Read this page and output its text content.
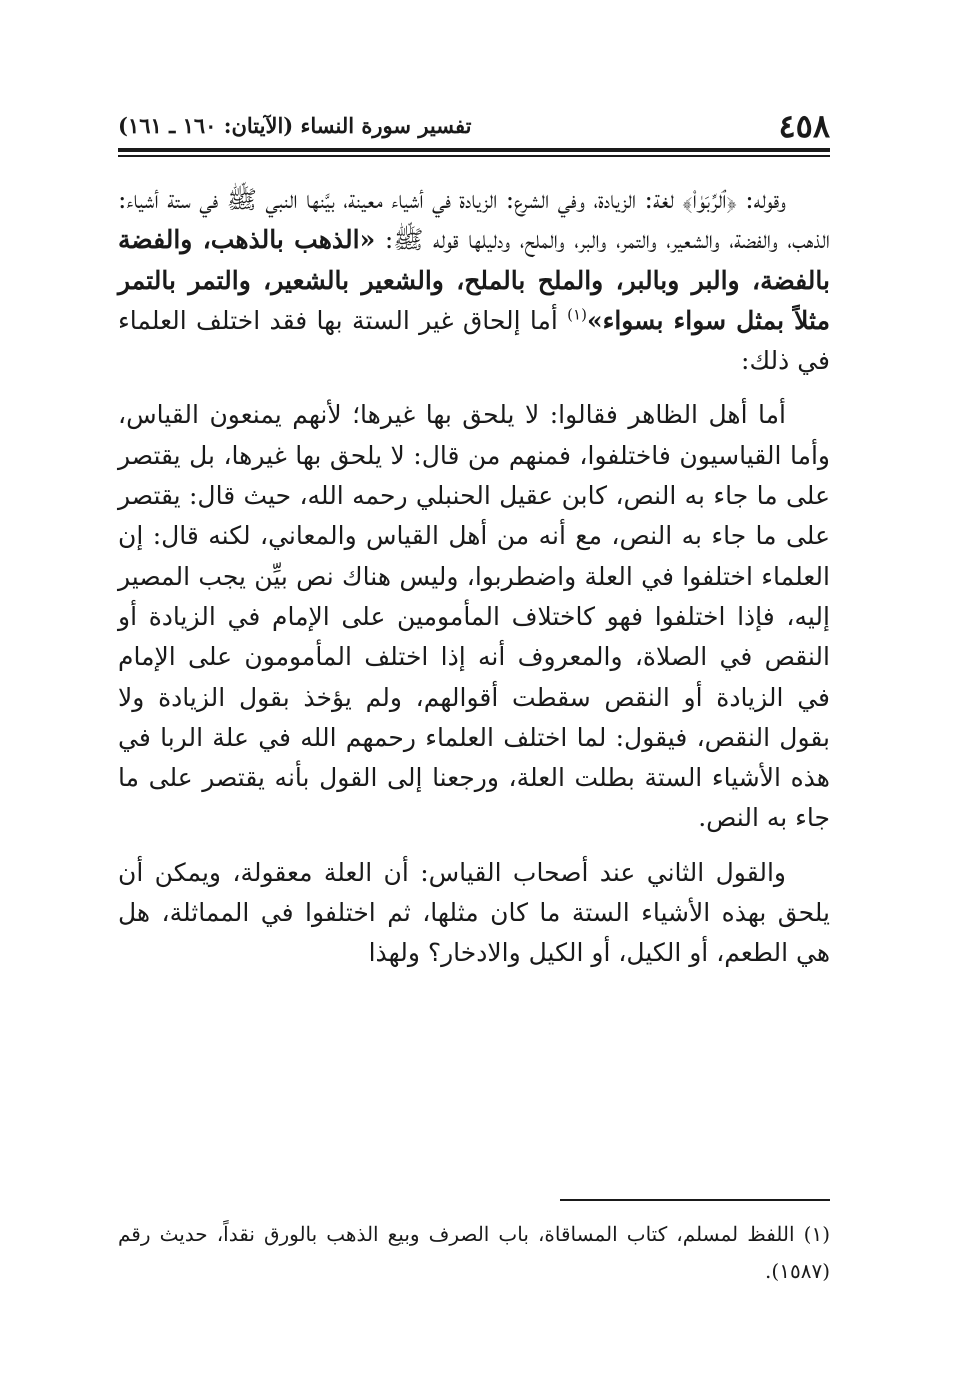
٤٥٨
تفسير سورة النساء (الآيتان: ١٦٠ ـ ١٦١)

وقوله: ﴿ٱلرِّبَوٰا۟﴾ لغة: الزيادة، وفي الشرع: الزيادة في أشياء معينة، بيَّنها النبي ﷺ في ستة أشياء: الذهب، والفضة، والشعير، والتمر، والبر، والملح، ودليلها قوله ﷺ: «الذهب بالذهب، والفضة بالفضة، والبر وبالبر، والملح بالملح، والشعير بالشعير، والتمر بالتمر مثلاً بمثل سواء بسواء»$^{(١)}$ أما إلحاق غير الستة بها فقد اختلف العلماء في ذلك:

أما أهل الظاهر فقالوا: لا يلحق بها غيرها؛ لأنهم يمنعون القياس، وأما القياسيون فاختلفوا، فمنهم من قال: لا يلحق بها غيرها، بل يقتصر على ما جاء به النص، كابن عقيل الحنبلي رحمه الله، حيث قال: يقتصر على ما جاء به النص، مع أنه من أهل القياس والمعاني، لكنه قال: إن العلماء اختلفوا في العلة واضطربوا، وليس هناك نص بيِّن يجب المصير إليه، فإذا اختلفوا فهو كاختلاف المأمومين على الإمام في الزيادة أو النقص في الصلاة، والمعروف أنه إذا اختلف المأمومون على الإمام في الزيادة أو النقص سقطت أقوالهم، ولم يؤخذ بقول الزيادة ولا بقول النقص، فيقول: لما اختلف العلماء رحمهم الله في علة الربا في هذه الأشياء الستة بطلت العلة، ورجعنا إلى القول بأنه يقتصر على ما جاء به النص.

والقول الثاني عند أصحاب القياس: أن العلة معقولة، ويمكن أن يلحق بهذه الأشياء الستة ما كان مثلها، ثم اختلفوا في المماثلة، هل هي الطعم، أو الكيل، أو الكيل والادخار؟ ولهذا

(١) اللفظ لمسلم، كتاب المساقاة، باب الصرف وبيع الذهب بالورق نقداً، حديث رقم (١٥٨٧).
